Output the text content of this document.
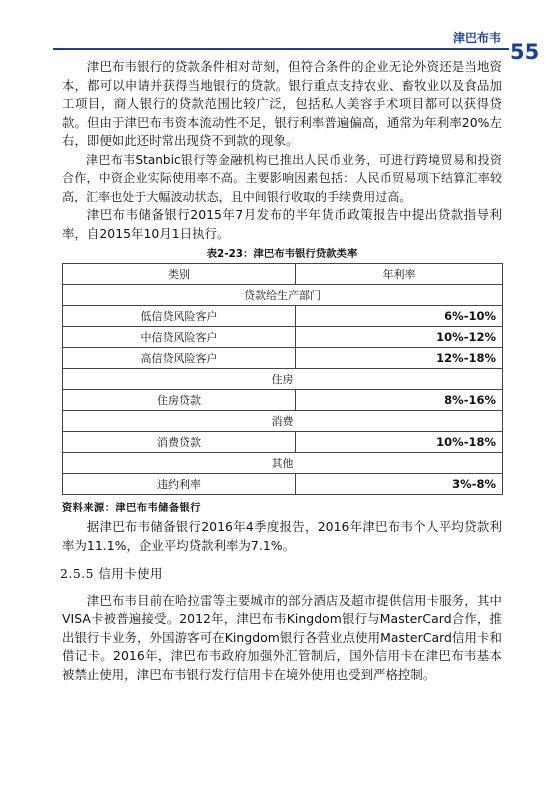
津巴布韦
55

津巴布韦银行的贷款条件相对苛刻，但符合条件的企业无论外资还是当地资本，都可以申请并获得当地银行的贷款。银行重点支持农业、畜牧业以及食品加工项目，商人银行的贷款范围比较广泛，包括私人美容手术项目都可以获得贷款。但由于津巴布韦资本流动性不足，银行利率普遍偏高，通常为年利率20%左右，即便如此还时常出现贷不到款的现象。

津巴布韦Stanbic银行等金融机构已推出人民币业务，可进行跨境贸易和投资合作，中资企业实际使用率不高。主要影响因素包括：人民币贸易项下结算汇率较高，汇率也处于大幅波动状态，且中间银行收取的手续费用过高。

津巴布韦储备银行2015年7月发布的半年货币政策报告中提出贷款指导利率，自2015年10月1日执行。

表2-23：津巴布韦银行贷款类率
类别	年利率
贷款给生产部门	
低信贷风险客户	6%-10%
中信贷风险客户	10%-12%
高信贷风险客户	12%-18%
住房	
住房贷款	8%-16%
消费	
消费贷款	10%-18%
其他	
违约利率	3%-8%
资料来源：津巴布韦储备银行

据津巴布韦储备银行2016年4季度报告，2016年津巴布韦个人平均贷款利率为11.1%，企业平均贷款利率为7.1%。

2.5.5 信用卡使用

津巴布韦目前在哈拉雷等主要城市的部分酒店及超市提供信用卡服务，其中VISA卡被普遍接受。2012年，津巴布韦Kingdom银行与MasterCard合作，推出银行卡业务，外国游客可在Kingdom银行各营业点使用MasterCard信用卡和借记卡。2016年，津巴布韦政府加强外汇管制后，国外信用卡在津巴布韦基本被禁止使用，津巴布韦银行发行信用卡在境外使用也受到严格控制。
